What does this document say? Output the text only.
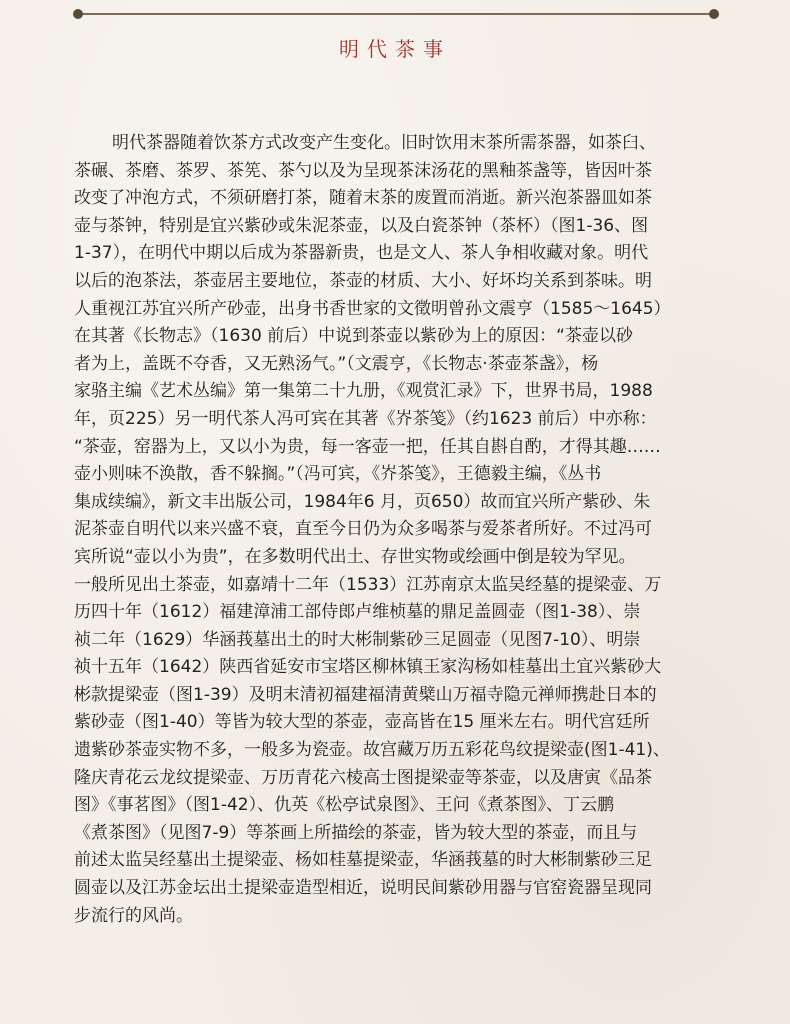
明代茶事
明代茶器随着饮茶方式改变产生变化。旧时饮用末茶所需茶器，如茶臼、
茶碾、茶磨、茶罗、茶筅、茶勺以及为呈现茶沫汤花的黑釉茶盏等，皆因叶茶
改变了冲泡方式，不须研磨打茶，随着末茶的废置而消逝。新兴泡茶器皿如茶
壶与茶钟，特别是宜兴紫砂或朱泥茶壶，以及白瓷茶钟（茶杯）（图1-36、图
1-37），在明代中期以后成为茶器新贵，也是文人、茶人争相收藏对象。明代
以后的泡茶法，茶壶居主要地位，茶壶的材质、大小、好坏均关系到茶味。明
人重视江苏宜兴所产砂壶，出身书香世家的文徵明曾孙文震亨（1585～1645）
在其著《长物志》（1630 前后）中说到茶壶以紫砂为上的原因：“茶壶以砂
者为上，盖既不夺香，又无熟汤气。”（文震亨，《长物志·茶壶茶盏》，杨
家骆主编《艺术丛编》第一集第二十九册，《观赏汇录》下，世界书局，1988
年，页225）另一明代茶人冯可宾在其著《岕茶笺》（约1623 前后）中亦称：
“茶壶，窑器为上，又以小为贵，每一客壶一把，任其自斟自酌，才得其趣……
壶小则味不涣散，香不躲搁。”（冯可宾，《岕茶笺》，王德毅主编，《丛书
集成续编》，新文丰出版公司，1984年6 月，页650）故而宜兴所产紫砂、朱
泥茶壶自明代以来兴盛不衰，直至今日仍为众多喝茶与爱茶者所好。不过冯可
宾所说“壶以小为贵”，在多数明代出土、存世实物或绘画中倒是较为罕见。
一般所见出土茶壶，如嘉靖十二年（1533）江苏南京太监吴经墓的提梁壶、万
历四十年（1612）福建漳浦工部侍郎卢维桢墓的鼎足盖圆壶（图1-38）、崇
祯二年（1629）华涵莪墓出土的时大彬制紫砂三足圆壶（见图7-10）、明崇
祯十五年（1642）陕西省延安市宝塔区柳林镇王家沟杨如桂墓出土宜兴紫砂大
彬款提梁壶（图1-39）及明末清初福建福清黄檗山万福寺隐元禅师携赴日本的
紫砂壶（图1-40）等皆为较大型的茶壶，壶高皆在15 厘米左右。明代宫廷所
遗紫砂茶壶实物不多，一般多为瓷壶。故宫藏万历五彩花鸟纹提梁壶(图1-41)、
隆庆青花云龙纹提梁壶、万历青花六棱高士图提梁壶等茶壶，以及唐寅《品茶
图》《事茗图》（图1-42）、仇英《松亭试泉图》、王问《煮茶图》、丁云鹏
《煮茶图》（见图7-9）等茶画上所描绘的茶壶，皆为较大型的茶壶，而且与
前述太监吴经墓出土提梁壶、杨如桂墓提梁壶，华涵莪墓的时大彬制紫砂三足
圆壶以及江苏金坛出土提梁壶造型相近，说明民间紫砂用器与官窑瓷器呈现同
步流行的风尚。
